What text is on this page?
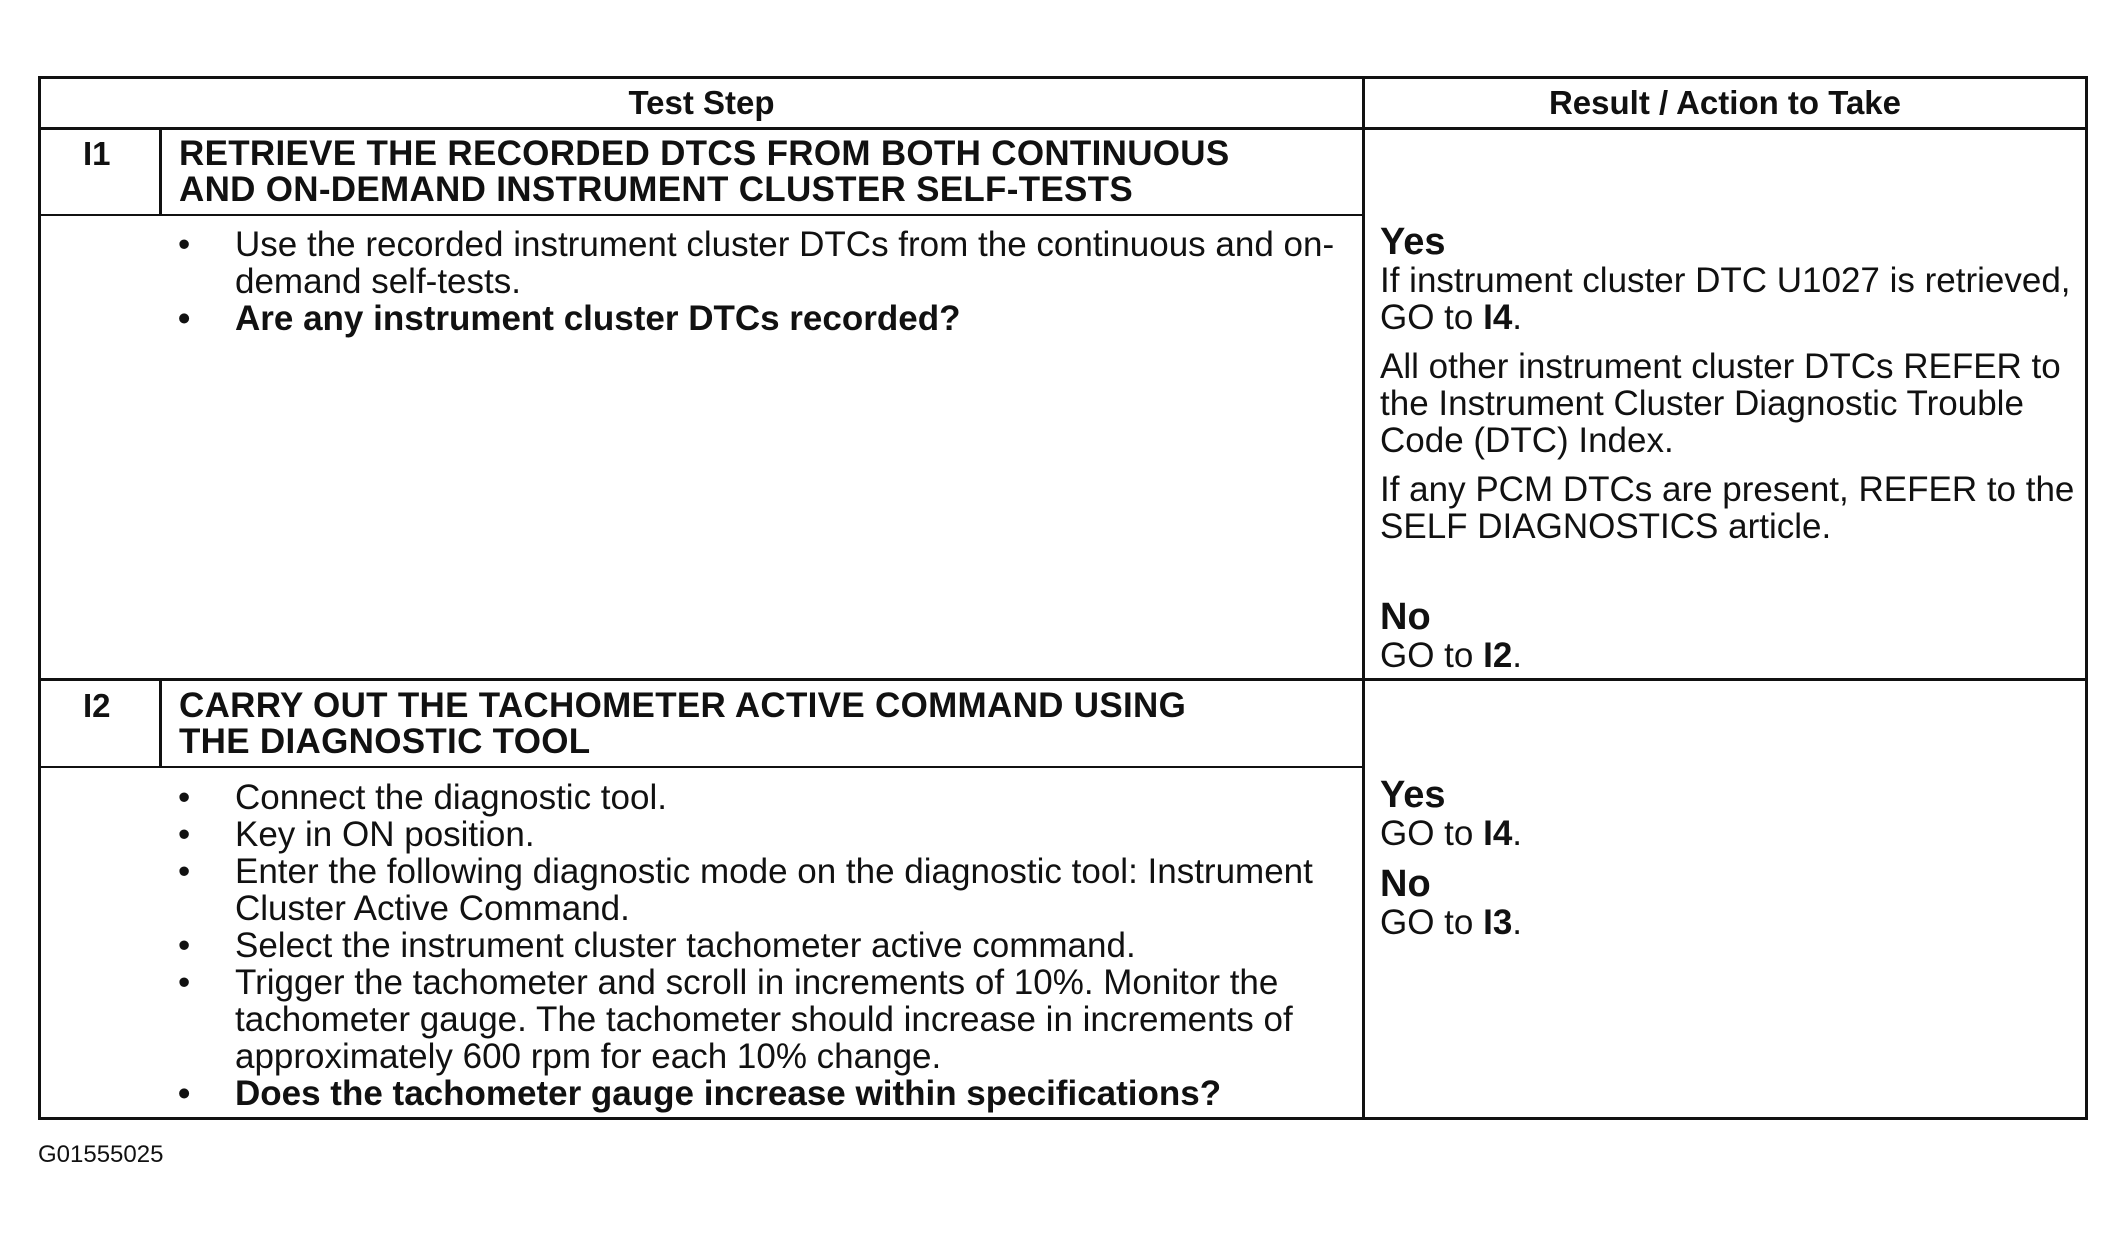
Test Step	Result / Action to Take
I1 RETRIEVE THE RECORDED DTCS FROM BOTH CONTINUOUS
AND ON-DEMAND INSTRUMENT CLUSTER SELF-TESTS
• Use the recorded instrument cluster DTCs from the continuous and on-demand self-tests.
• Are any instrument cluster DTCs recorded?
Yes

If instrument cluster DTC U1027 is retrieved, GO to I4.

All other instrument cluster DTCs REFER to the Instrument Cluster Diagnostic Trouble Code (DTC) Index.

If any PCM DTCs are present, REFER to the SELF DIAGNOSTICS article.

No

GO to I2.

I2 CARRY OUT THE TACHOMETER ACTIVE COMMAND USING
THE DIAGNOSTIC TOOL
• Connect the diagnostic tool.
• Key in ON position.
• Enter the following diagnostic mode on the diagnostic tool: Instrument Cluster Active Command.
• Select the instrument cluster tachometer active command.
• Trigger the tachometer and scroll in increments of 10%. Monitor the tachometer gauge. The tachometer should increase in increments of approximately 600 rpm for each 10% change.
• Does the tachometer gauge increase within specifications?
Yes

GO to I4.

No

GO to I3.

G01555025
